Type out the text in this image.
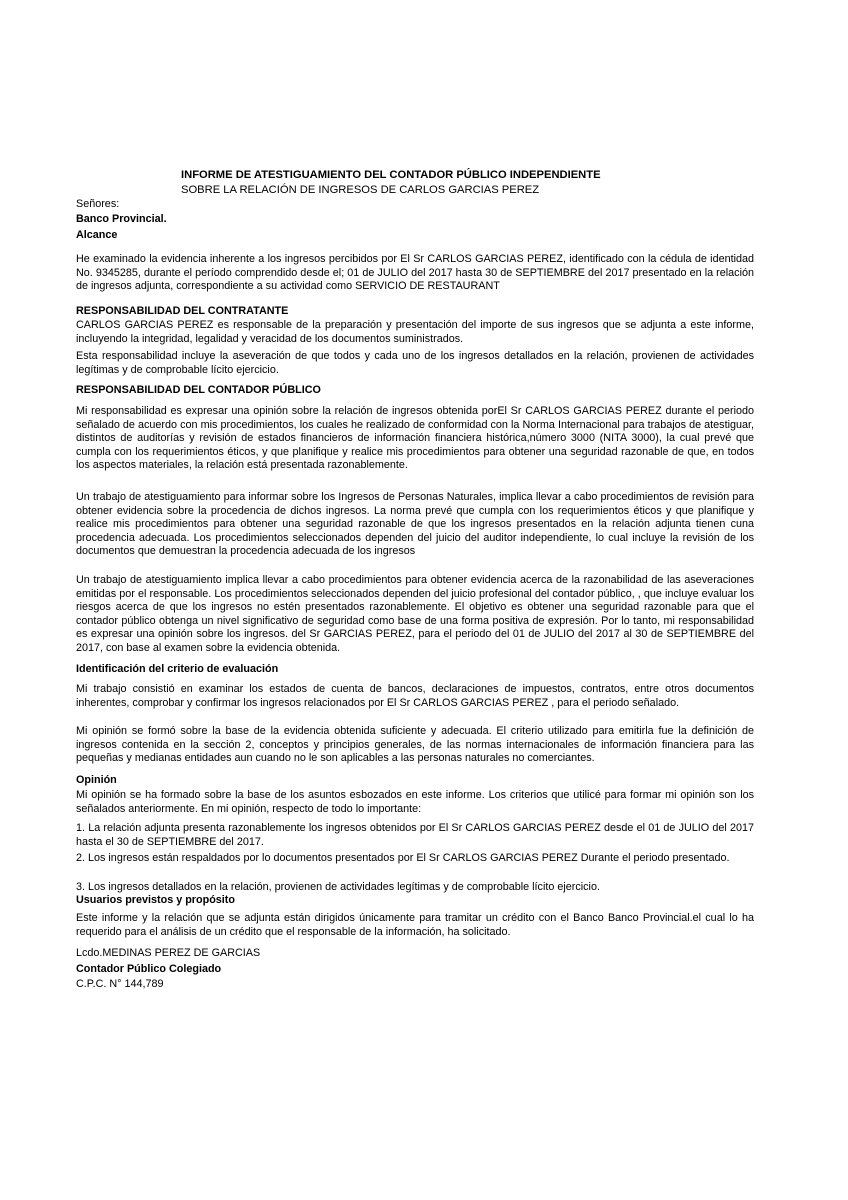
INFORME DE ATESTIGUAMIENTO DEL CONTADOR PÚBLICO INDEPENDIENTE

SOBRE LA RELACIÓN DE INGRESOS DE CARLOS GARCIAS PEREZ

Señores:

Banco Provincial.

Alcance

He examinado la evidencia inherente a los ingresos percibidos por El Sr CARLOS GARCIAS PEREZ, identificado con la cédula de identidad No. 9345285, durante el período comprendido desde el; 01 de JULIO del 2017 hasta 30 de SEPTIEMBRE del 2017 presentado en la relación de ingresos adjunta, correspondiente a su actividad como SERVICIO DE RESTAURANT
RESPONSABILIDAD DEL CONTRATANTE
CARLOS GARCIAS PEREZ es responsable de la preparación y presentación del importe de sus ingresos que se adjunta a este informe, incluyendo la integridad, legalidad y veracidad de los documentos suministrados.
Esta responsabilidad incluye la aseveración de que todos y cada uno de los ingresos detallados en la relación, provienen de actividades legítimas y de comprobable lícito ejercicio.
RESPONSABILIDAD DEL CONTADOR PÚBLICO
Mi responsabilidad es expresar una opinión sobre la relación de ingresos obtenida porEl Sr CARLOS GARCIAS PEREZ durante el periodo señalado de acuerdo con mis procedimientos, los cuales he realizado de conformidad con la Norma Internacional para trabajos de atestiguar, distintos de auditorías y revisión de estados financieros de información financiera histórica,número 3000 (NITA 3000), la cual prevé que cumpla con los requerimientos éticos, y que planifique y realice mis procedimientos para obtener una seguridad razonable de que, en todos los aspectos materiales, la relación está presentada razonablemente.
Un trabajo de atestiguamiento para informar sobre los Ingresos de Personas Naturales, implica llevar a cabo procedimientos de revisión para obtener evidencia sobre la procedencia de dichos ingresos. La norma prevé que cumpla con los requerimientos éticos y que planifique y realice mis procedimientos para obtener una seguridad razonable de que los ingresos presentados en la relación adjunta tienen cuna procedencia adecuada. Los procedimientos seleccionados dependen del juicio del auditor independiente, lo cual incluye la revisión de los documentos que demuestran la procedencia adecuada de los ingresos
Un trabajo de atestiguamiento implica llevar a cabo procedimientos para obtener evidencia acerca de la razonabilidad de las aseveraciones emitidas por el responsable. Los procedimientos seleccionados dependen del juicio profesional del contador público, , que incluye evaluar los riesgos acerca de que los ingresos no estén presentados razonablemente. El objetivo es obtener una seguridad razonable para que el contador público obtenga un nivel significativo de seguridad como base de una forma positiva de expresión. Por lo tanto, mi responsabilidad es expresar una opinión sobre los ingresos. del Sr GARCIAS PEREZ, para el periodo del 01 de JULIO del 2017 al 30 de SEPTIEMBRE del 2017, con base al examen sobre la evidencia obtenida.
Identificación del criterio de evaluación
Mi trabajo consistió en examinar los estados de cuenta de bancos, declaraciones de impuestos, contratos, entre otros documentos inherentes, comprobar y confirmar los ingresos relacionados por El Sr CARLOS GARCIAS PEREZ , para el periodo señalado.
Mi opinión se formó sobre la base de la evidencia obtenida suficiente y adecuada. El criterio utilizado para emitirla fue la definición de ingresos contenida en la sección 2, conceptos y principios generales, de las normas internacionales de información financiera para las pequeñas y medianas entidades aun cuando no le son aplicables a las personas naturales no comerciantes.
Opinión
Mi opinión se ha formado sobre la base de los asuntos esbozados en este informe. Los criterios que utilicé para formar mi opinión son los señalados anteriormente. En mi opinión, respecto de todo lo importante:
1. La relación adjunta presenta razonablemente los ingresos obtenidos por El Sr CARLOS GARCIAS PEREZ desde el 01 de JULIO del 2017 hasta el 30 de SEPTIEMBRE del 2017.
2. Los ingresos están respaldados por lo documentos presentados por El Sr CARLOS GARCIAS PEREZ Durante el periodo presentado.
3. Los ingresos detallados en la relación, provienen de actividades legítimas y de comprobable lícito ejercicio.
Usuarios previstos y propósito
Este informe y la relación que se adjunta están dirigidos únicamente para tramitar un crédito con el Banco Banco Provincial.el cual lo ha requerido para el análisis de un crédito que el responsable de la información, ha solicitado.

Lcdo.MEDINAS PEREZ DE GARCIAS

Contador Público Colegiado

C.P.C. N° 144,789
